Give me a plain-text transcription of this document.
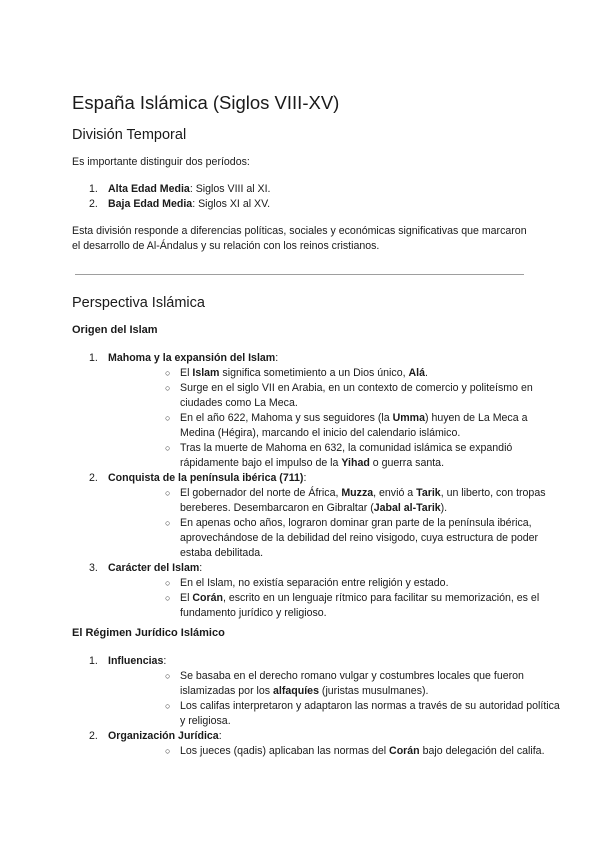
España Islámica (Siglos VIII-XV)
División Temporal

Es importante distinguir dos períodos:

1. Alta Edad Media: Siglos VIII al XI.
2. Baja Edad Media: Siglos XI al XV.

Esta división responde a diferencias políticas, sociales y económicas significativas que marcaron el desarrollo de Al-Ándalus y su relación con los reinos cristianos.

Perspectiva Islámica
Origen del Islam
1. Mahoma y la expansión del Islam:
○ El Islam significa sometimiento a un Dios único, Alá.
○ Surge en el siglo VII en Arabia, en un contexto de comercio y politeísmo en ciudades como La Meca.
○ En el año 622, Mahoma y sus seguidores (la Umma) huyen de La Meca a Medina (Hégira), marcando el inicio del calendario islámico.
○ Tras la muerte de Mahoma en 632, la comunidad islámica se expandió rápidamente bajo el impulso de la Yihad o guerra santa.
2. Conquista de la península ibérica (711):
○ El gobernador del norte de África, Muzza, envió a Tarik, un liberto, con tropas bereberes. Desembarcaron en Gibraltar (Jabal al-Tarik).
○ En apenas ocho años, lograron dominar gran parte de la península ibérica, aprovechándose de la debilidad del reino visigodo, cuya estructura de poder estaba debilitada.
3. Carácter del Islam:
○ En el Islam, no existía separación entre religión y estado.
○ El Corán, escrito en un lenguaje rítmico para facilitar su memorización, es el fundamento jurídico y religioso.
El Régimen Jurídico Islámico
1. Influencias:
○ Se basaba en el derecho romano vulgar y costumbres locales que fueron islamizadas por los alfaquíes (juristas musulmanes).
○ Los califas interpretaron y adaptaron las normas a través de su autoridad política y religiosa.
2. Organización Jurídica:
○ Los jueces (qadis) aplicaban las normas del Corán bajo delegación del califa.
